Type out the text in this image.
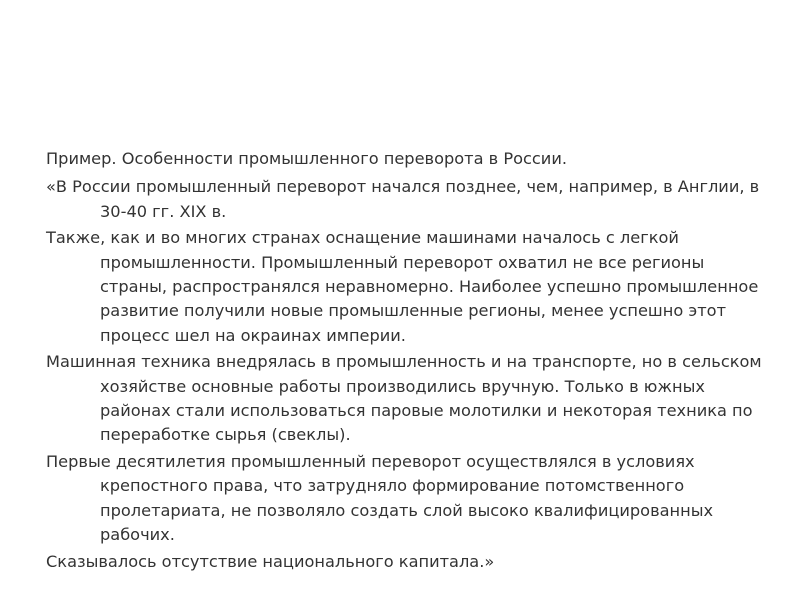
Пример. Особенности промышленного переворота в России.

«В России промышленный переворот начался позднее, чем, например, в Англии, в 30-40 гг. XIX в.

Также, как и во многих странах оснащение машинами началось с легкой промышленности. Промышленный переворот охватил не все регионы страны, распространялся неравномерно. Наиболее успешно промышленное развитие получили новые промышленные регионы, менее успешно этот процесс шел на окраинах империи.

Машинная техника внедрялась в промышленность и на транспорте, но в сельском хозяйстве основные работы производились вручную. Только в южных районах стали использоваться паровые молотилки и некоторая техника по переработке сырья (свеклы).

Первые десятилетия промышленный переворот осуществлялся в условиях крепостного права, что затрудняло формирование потомственного пролетариата, не позволяло создать слой высоко квалифицированных рабочих.

Сказывалось отсутствие национального капитала.»
